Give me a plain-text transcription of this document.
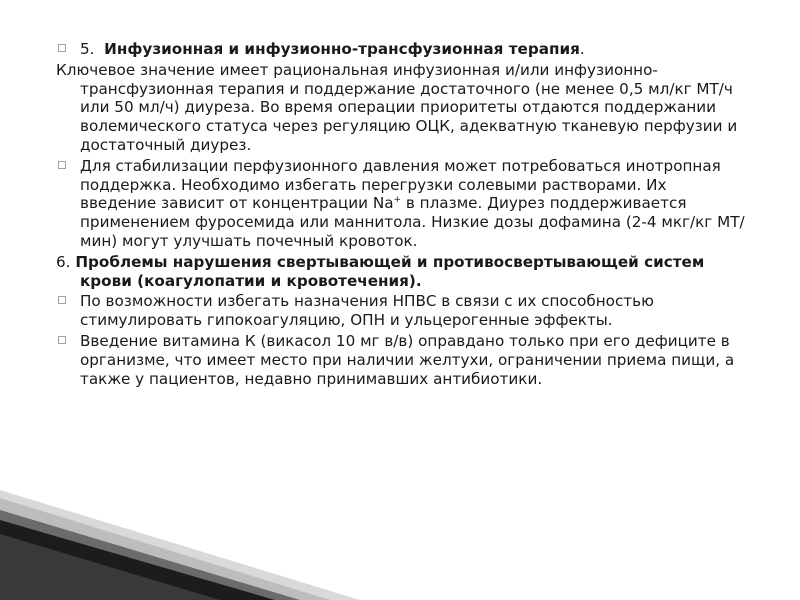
5. Инфузионная и инфузионно-трансфузионная терапия.
Ключевое значение имеет рациональная инфузионная и/или инфузионно-трансфузионная терапия и поддержание достаточного (не менее 0,5 мл/кг МТ/ч или 50 мл/ч) диуреза. Во время операции приоритеты отдаются поддержании волемического статуса через регуляцию ОЦК, адекватную тканевую перфузии и достаточный диурез.
Для стабилизации перфузионного давления может потребоваться инотропная поддержка. Необходимо избегать перегрузки солевыми растворами. Их введение зависит от концентрации Na+ в плазме. Диурез поддерживается применением фуросемида или маннитола. Низкие дозы дофамина (2-4 мкг/кг МТ/мин) могут улучшать почечный кровоток.
6. Проблемы нарушения свертывающей и противосвертывающей систем крови (коагулопатии и кровотечения).
По возможности избегать назначения НПВС в связи с их способностью стимулировать гипокоагуляцию, ОПН и ульцерогенные эффекты.
Введение витамина К (викасол 10 мг в/в) оправдано только при его дефиците в организме, что имеет место при наличии желтухи, ограничении приема пищи, а также у пациентов, недавно принимавших антибиотики.
